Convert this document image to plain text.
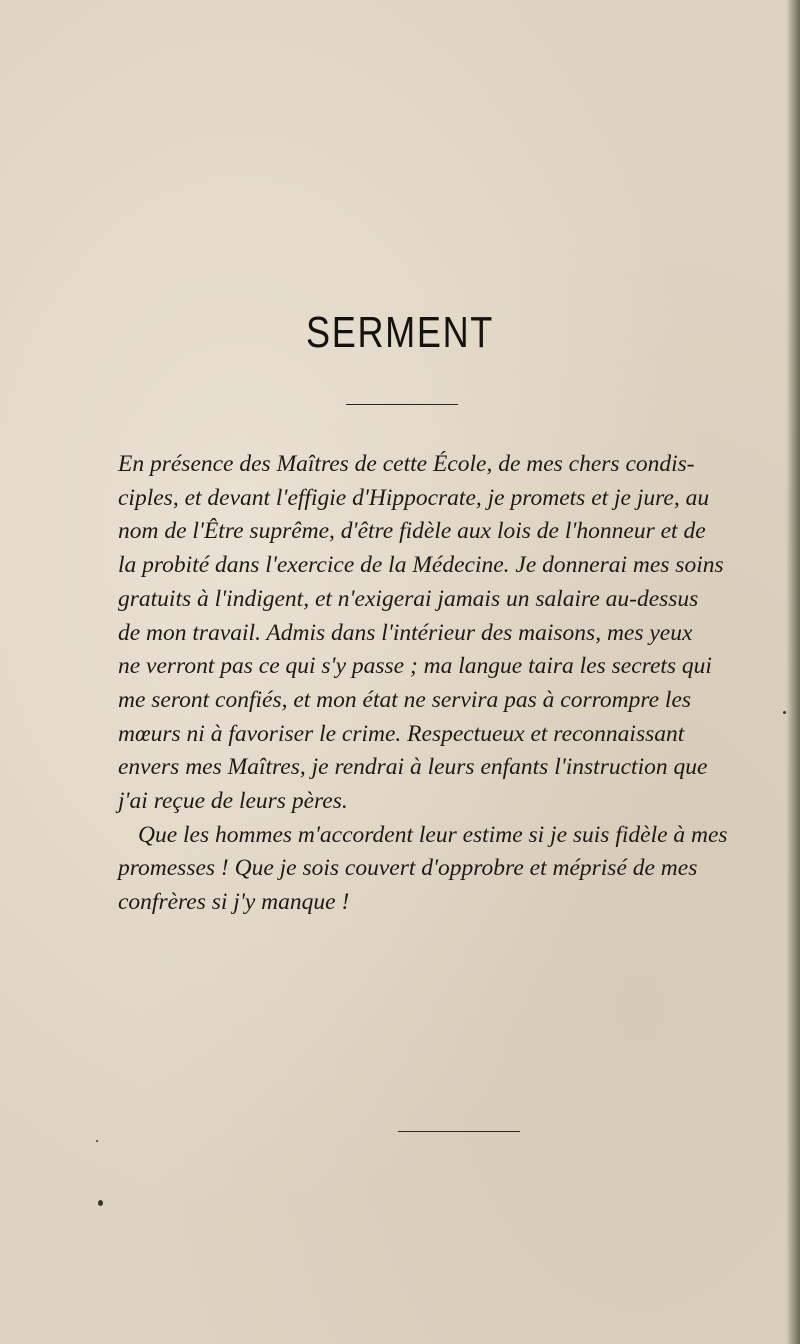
SERMENT
En présence des Maîtres de cette École, de mes chers condis-
ciples, et devant l'effigie d'Hippocrate, je promets et je jure, au
nom de l'Être suprême, d'être fidèle aux lois de l'honneur et de
la probité dans l'exercice de la Médecine. Je donnerai mes soins
gratuits à l'indigent, et n'exigerai jamais un salaire au-dessus
de mon travail. Admis dans l'intérieur des maisons, mes yeux
ne verront pas ce qui s'y passe ; ma langue taira les secrets qui
me seront confiés, et mon état ne servira pas à corrompre les
mœurs ni à favoriser le crime. Respectueux et reconnaissant
envers mes Maîtres, je rendrai à leurs enfants l'instruction que
j'ai reçue de leurs pères.
Que les hommes m'accordent leur estime si je suis fidèle à mes
promesses ! Que je sois couvert d'opprobre et méprisé de mes
confrères si j'y manque !
